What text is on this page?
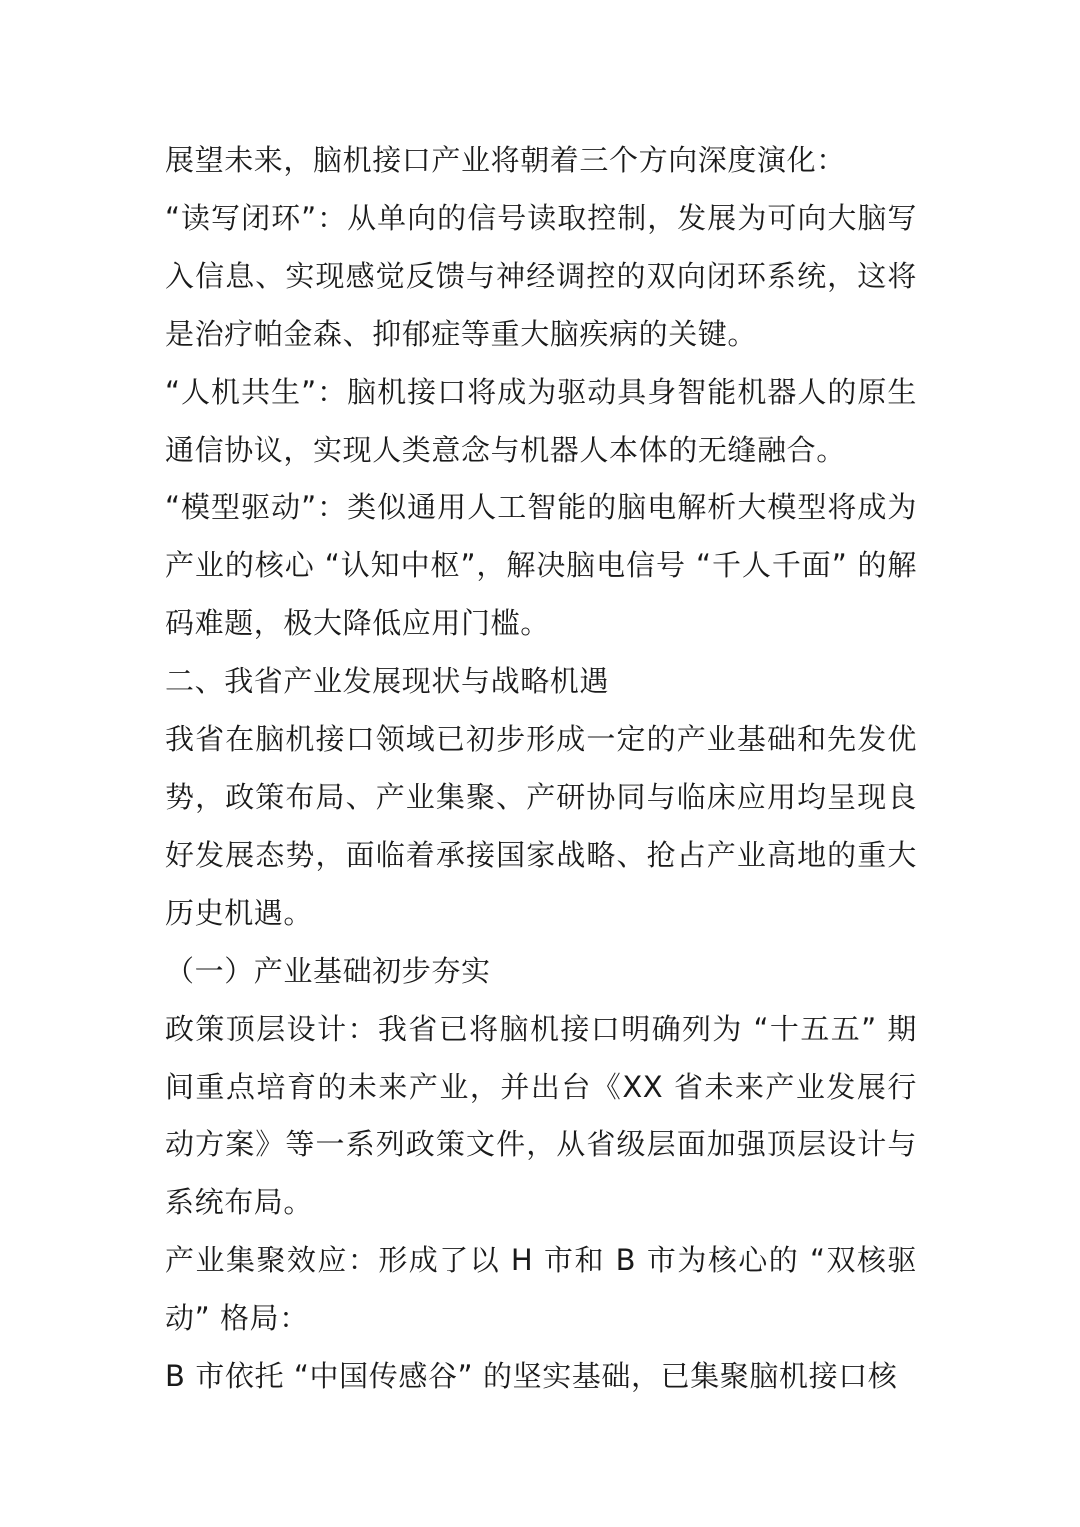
展望未来，脑机接口产业将朝着三个方向深度演化：

“读写闭环”：从单向的信号读取控制，发展为可向大脑写入信息、实现感觉反馈与神经调控的双向闭环系统，这将是治疗帕金森、抑郁症等重大脑疾病的关键。

“人机共生”：脑机接口将成为驱动具身智能机器人的原生通信协议，实现人类意念与机器人本体的无缝融合。

“模型驱动”：类似通用人工智能的脑电解析大模型将成为产业的核心 “认知中枢”，解决脑电信号 “千人千面” 的解码难题，极大降低应用门槛。

二、我省产业发展现状与战略机遇

我省在脑机接口领域已初步形成一定的产业基础和先发优势，政策布局、产业集聚、产研协同与临床应用均呈现良好发展态势，面临着承接国家战略、抢占产业高地的重大历史机遇。

（一）产业基础初步夯实

政策顶层设计：我省已将脑机接口明确列为 “十五五” 期间重点培育的未来产业，并出台《XX 省未来产业发展行动方案》等一系列政策文件，从省级层面加强顶层设计与系统布局。

产业集聚效应：形成了以 H 市和 B 市为核心的 “双核驱动” 格局：

B 市依托 “中国传感谷” 的坚实基础，已集聚脑机接口核
